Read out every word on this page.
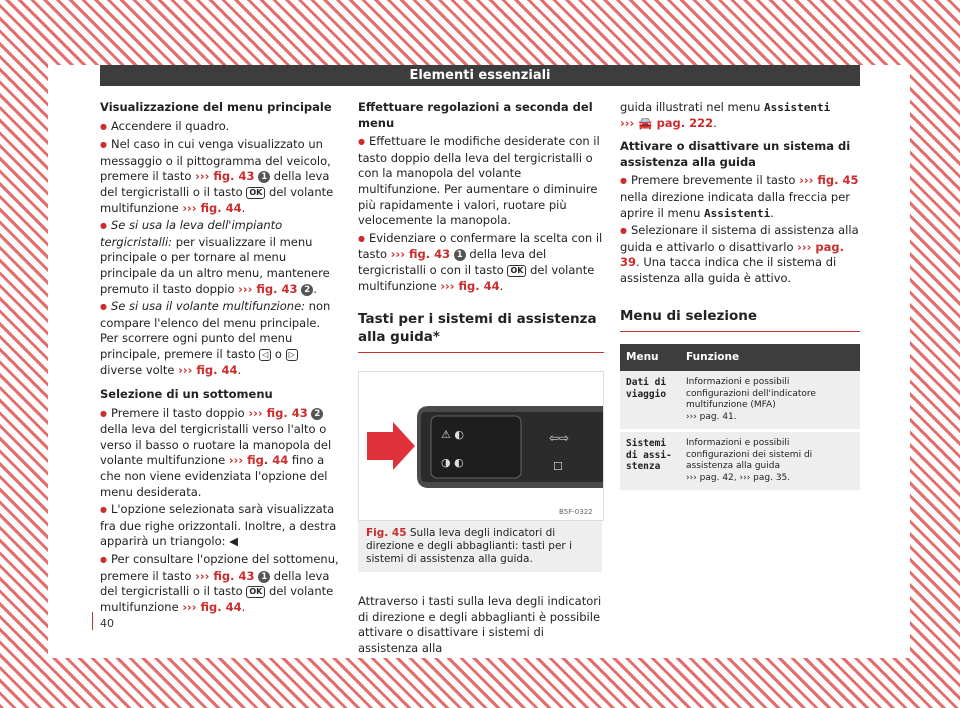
Elementi essenziali

Visualizzazione del menu principale

● Accendere il quadro.

● Nel caso in cui venga visualizzato un messaggio o il pittogramma del veicolo, premere il tasto ››› fig. 43 1 della leva del tergicristalli o il tasto OK del volante multifunzione ››› fig. 44.

● Se si usa la leva dell'impianto tergicristalli: per visualizzare il menu principale o per tornare al menu principale da un altro menu, mantenere premuto il tasto doppio ››› fig. 43 2 .

● Se si usa il volante multifunzione: non compare l'elenco del menu principale. Per scorrere ogni punto del menu principale, premere il tasto ◁ o ▷ diverse volte ››› fig. 44.

Selezione di un sottomenu

● Premere il tasto doppio ››› fig. 43 2 della leva del tergicristalli verso l'alto o verso il basso o ruotare la manopola del volante multifunzione ››› fig. 44 fino a che non viene evidenziata l'opzione del menu desiderata.

● L'opzione selezionata sarà visualizzata fra due righe orizzontali. Inoltre, a destra apparirà un triangolo: ◀

● Per consultare l'opzione del sottomenu, premere il tasto ››› fig. 43 1 della leva del tergicristalli o il tasto OK del volante multifunzione ››› fig. 44.

Effettuare regolazioni a seconda del menu

● Effettuare le modifiche desiderate con il tasto doppio della leva del tergicristalli o con la manopola del volante multifunzione. Per aumentare o diminuire più rapidamente i valori, ruotare più velocemente la manopola.

● Evidenziare o confermare la scelta con il tasto ››› fig. 43 1 della leva del tergicristalli o con il tasto OK del volante multifunzione ››› fig. 44.

Tasti per i sistemi di assistenza alla guida*
⚠ ◐
◑ ◐
⇦⇨
☐
B5F-0322
Fig. 45 Sulla leva degli indicatori di direzione e degli abbaglianti: tasti per i sistemi di assistenza alla guida.

Attraverso i tasti sulla leva degli indicatori di direzione e degli abbaglianti è possibile attivare o disattivare i sistemi di assistenza alla

guida illustrati nel menu Assistenti
››› 🚘 pag. 222.

Attivare o disattivare un sistema di assistenza alla guida

● Premere brevemente il tasto ››› fig. 45 nella direzione indicata dalla freccia per aprire il menu Assistenti.

● Selezionare il sistema di assistenza alla guida e attivarlo o disattivarlo ››› pag. 39. Una tacca indica che il sistema di assistenza alla guida è attivo.

Menu di selezione
Menu	Funzione
Dati di viaggio	Informazioni e possibili configurazioni dell'indicatore multifunzione (MFA)
››› pag. 41.
Sistemi di assistenza	Informazioni e possibili configurazioni dei sistemi di assistenza alla guida
››› pag. 42, ››› pag. 35.
40
